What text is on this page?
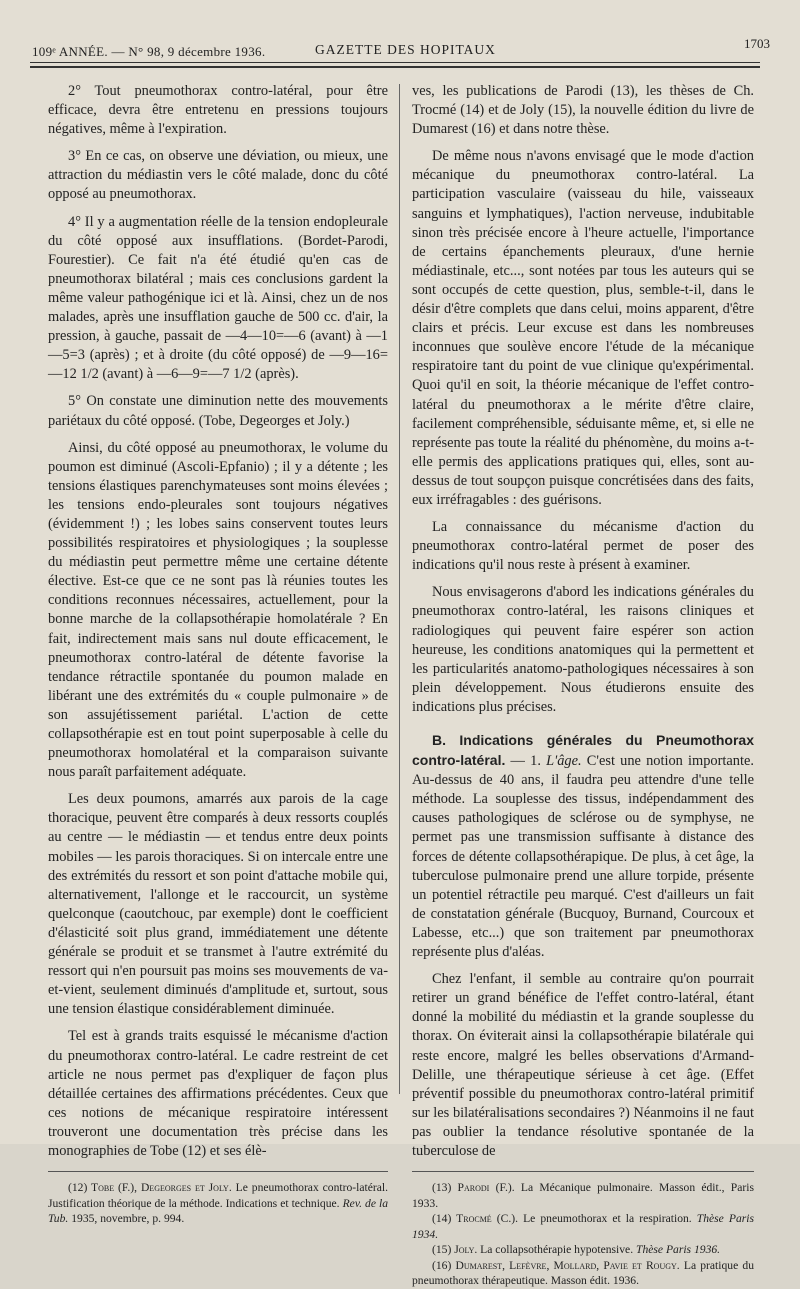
109ᵉ ANNÉE. — N° 98, 9 décembre 1936.	GAZETTE DES HOPITAUX	1703

2° Tout pneumothorax contro-latéral, pour être efficace, devra être entretenu en pressions toujours négatives, même à l'expiration.

3° En ce cas, on observe une déviation, ou mieux, une attraction du médiastin vers le côté malade, donc du côté opposé au pneumothorax.

4° Il y a augmentation réelle de la tension endopleurale du côté opposé aux insufflations. (Bordet-Parodi, Fourestier). Ce fait n'a été étudié qu'en cas de pneumothorax bilatéral ; mais ces conclusions gardent la même valeur pathogénique ici et là. Ainsi, chez un de nos malades, après une insufflation gauche de 500 cc. d'air, la pression, à gauche, passait de —4—10=—6 (avant) à —1—5=3 (après) ; et à droite (du côté opposé) de —9—16=—12 1/2 (avant) à —6—9=—7 1/2 (après).

5° On constate une diminution nette des mouvements pariétaux du côté opposé. (Tobe, Degeorges et Joly.)

Ainsi, du côté opposé au pneumothorax, le volume du poumon est diminué (Ascoli-Epfanio) ; il y a détente ; les tensions élastiques parenchymateuses sont moins élevées ; les tensions endo-pleurales sont toujours négatives (évidemment !) ; les lobes sains conservent toutes leurs possibilités respiratoires et physiologiques ; la souplesse du médiastin peut permettre même une certaine détente élective. Est-ce que ce ne sont pas là réunies toutes les conditions reconnues nécessaires, actuellement, pour la bonne marche de la collapsothérapie homolatérale ? En fait, indirectement mais sans nul doute efficacement, le pneumothorax contro-latéral de détente favorise la tendance rétractile spontanée du poumon malade en libérant une des extrémités du « couple pulmonaire » de son assujétissement pariétal. L'action de cette collapsothérapie est en tout point superposable à celle du pneumothorax homolatéral et la comparaison suivante nous paraît parfaitement adéquate.

Les deux poumons, amarrés aux parois de la cage thoracique, peuvent être comparés à deux ressorts couplés au centre — le médiastin — et tendus entre deux points mobiles — les parois thoraciques. Si on intercale entre une des extrémités du ressort et son point d'attache mobile qui, alternativement, l'allonge et le raccourcit, un système quelconque (caoutchouc, par exemple) dont le coefficient d'élasticité soit plus grand, immédiatement une détente générale se produit et se transmet à l'autre extrémité du ressort qui n'en poursuit pas moins ses mouvements de va-et-vient, seulement diminués d'amplitude et, surtout, sous une tension élastique considérablement diminuée.

Tel est à grands traits esquissé le mécanisme d'action du pneumothorax contro-latéral. Le cadre restreint de cet article ne nous permet pas d'expliquer de façon plus détaillée certaines des affirmations précédentes. Ceux que ces notions de mécanique respiratoire intéressent trouveront une documentation très précise dans les monographies de Tobe (12) et ses élè-

(12) Tobe (F.), Degeorges et Joly. Le pneumothorax contro-latéral. Justification théorique de la méthode. Indications et technique. Rev. de la Tub. 1935, novembre, p. 994.

ves, les publications de Parodi (13), les thèses de Ch. Trocmé (14) et de Joly (15), la nouvelle édition du livre de Dumarest (16) et dans notre thèse.

De même nous n'avons envisagé que le mode d'action mécanique du pneumothorax contro-latéral. La participation vasculaire (vaisseau du hile, vaisseaux sanguins et lymphatiques), l'action nerveuse, indubitable sinon très précisée encore à l'heure actuelle, l'importance de certains épanchements pleuraux, d'une hernie médiastinale, etc..., sont notées par tous les auteurs qui se sont occupés de cette question, plus, semble-t-il, dans le désir d'être complets que dans celui, moins apparent, d'être clairs et précis. Leur excuse est dans les nombreuses inconnues que soulève encore l'étude de la mécanique respiratoire tant du point de vue clinique qu'expérimental. Quoi qu'il en soit, la théorie mécanique de l'effet contro-latéral du pneumothorax a le mérite d'être claire, facilement compréhensible, séduisante même, et, si elle ne représente pas toute la réalité du phénomène, du moins a-t-elle permis des applications pratiques qui, elles, sont au-dessus de tout soupçon puisque concrétisées dans des faits, eux irréfragables : des guérisons.

La connaissance du mécanisme d'action du pneumothorax contro-latéral permet de poser des indications qu'il nous reste à présent à examiner.

Nous envisagerons d'abord les indications générales du pneumothorax contro-latéral, les raisons cliniques et radiologiques qui peuvent faire espérer son action heureuse, les conditions anatomiques qui la permettent et les particularités anatomo-pathologiques nécessaires à son plein développement. Nous étudierons ensuite des indications plus précises.

B. Indications générales du Pneumothorax contro-latéral. — 1. L'âge. C'est une notion importante. Au-dessus de 40 ans, il faudra peu attendre d'une telle méthode. La souplesse des tissus, indépendamment des causes pathologiques de sclérose ou de symphyse, ne permet pas une transmission suffisante à distance des forces de détente collapsothérapique. De plus, à cet âge, la tuberculose pulmonaire prend une allure torpide, présente un potentiel rétractile peu marqué. C'est d'ailleurs un fait de constatation générale (Bucquoy, Burnand, Courcoux et Labesse, etc...) que son traitement par pneumothorax représente plus d'aléas.

Chez l'enfant, il semble au contraire qu'on pourrait retirer un grand bénéfice de l'effet contro-latéral, étant donné la mobilité du médiastin et la grande souplesse du thorax. On éviterait ainsi la collapsothérapie bilatérale qui reste encore, malgré les belles observations d'Armand-Delille, une thérapeutique sérieuse à cet âge. (Effet préventif possible du pneumothorax contro-latéral primitif sur les bilatéralisations secondaires ?) Néanmoins il ne faut pas oublier la tendance résolutive spontanée de la tuberculose de

(13) Parodi (F.). La Mécanique pulmonaire. Masson édit., Paris 1933.

(14) Trocmé (C.). Le pneumothorax et la respiration. Thèse Paris 1934.

(15) Joly. La collapsothérapie hypotensive. Thèse Paris 1936.

(16) Dumarest, Lefèvre, Mollard, Pavie et Rougy. La pratique du pneumothorax thérapeutique. Masson édit. 1936.
